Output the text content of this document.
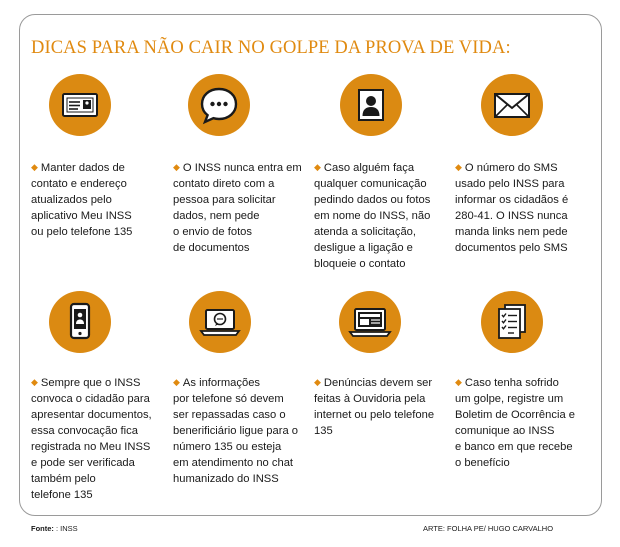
DICAS PARA NÃO CAIR NO GOLPE DA PROVA DE VIDA:
◆ Manter dados de
contato e endereço
atualizados pelo
aplicativo Meu INSS
ou pelo telefone 135
◆ O INSS nunca entra em
contato direto com a
pessoa para solicitar
dados, nem pede
o envio de fotos
de documentos
◆ Caso alguém faça
qualquer comunicação
pedindo dados ou fotos
em nome do INSS, não
atenda a solicitação,
desligue a ligação e
bloqueie o contato
◆ O número do SMS
usado pelo INSS para
informar os cidadãos é
280-41. O INSS nunca
manda links nem pede
documentos pelo SMS
◆ Sempre que o INSS
convoca o cidadão para
apresentar documentos,
essa convocação fica
registrada no Meu INSS
e pode ser verificada
também pelo
telefone 135
◆ As informações
por telefone só devem
ser repassadas caso o
benerificiário ligue para o
número 135 ou esteja
em atendimento no chat
humanizado do INSS
◆ Denúncias devem ser
feitas à Ouvidoria pela
internet ou pelo telefone
135
◆ Caso tenha sofrido
um golpe, registre um
Boletim de Ocorrência e
comunique ao INSS
e banco em que recebe
o benefício
Fonte: : INSS	ARTE: FOLHA PE/ HUGO CARVALHO
